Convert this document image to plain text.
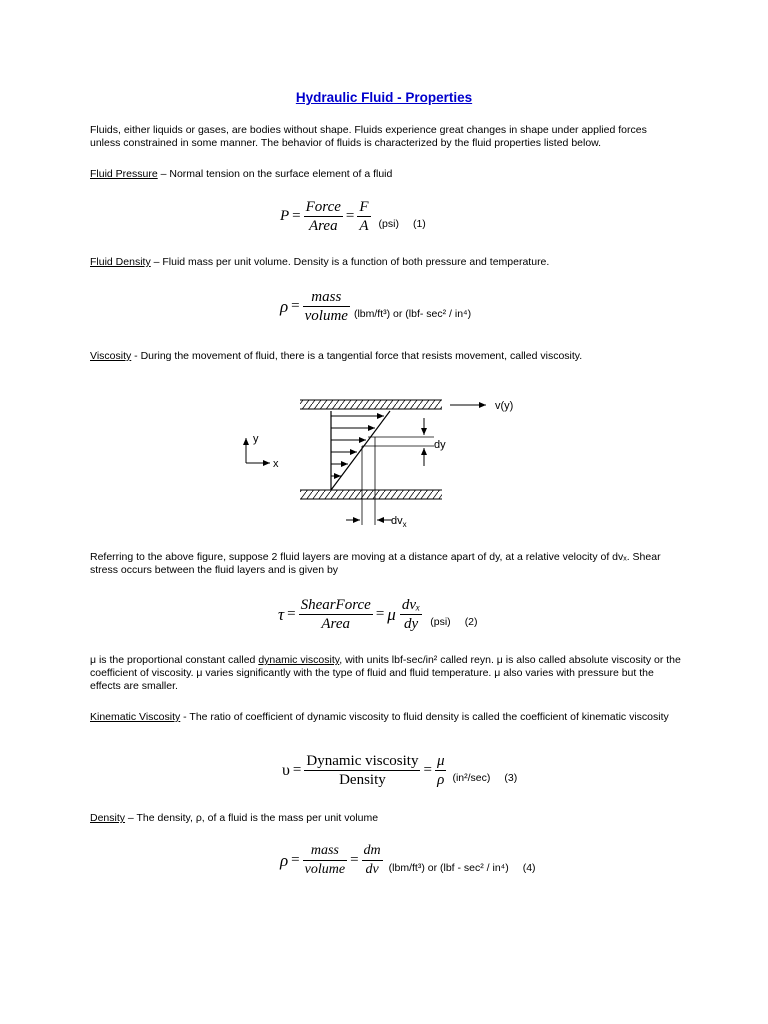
Hydraulic Fluid - Properties
Fluids, either liquids or gases, are bodies without shape. Fluids experience great changes in shape under applied forces unless constrained in some manner. The behavior of fluids is characterized by the fluid properties listed below.
Fluid Pressure – Normal tension on the surface element of a fluid
$P = \frac{\text{Force}}{\text{Area}} = \frac{F}{A} (psi)$ (1)
Fluid Density – Fluid mass per unit volume. Density is a function of both pressure and temperature.
$\rho = \frac{\text{mass}}{\text{volume}} (lbm/ft^3)$ or (lbf- sec² / in⁴)
Viscosity - During the movement of fluid, there is a tangential force that resists movement, called viscosity.
v(y)
dy
$dv_x$
y
x
Referring to the above figure, suppose 2 fluid layers are moving at a distance apart of dy, at a relative velocity of dvₓ. Shear stress occurs between the fluid layers and is given by
$\tau = \frac{\text{ShearForce}}{\text{Area}} = \mu \frac{\text{dvₓ}}{dy} (psi)$ (2)
μ is the proportional constant called dynamic viscosity, with units lbf-sec/in² called reyn. μ is also called absolute viscosity or the coefficient of viscosity. μ varies significantly with the type of fluid and fluid temperature. μ also varies with pressure but the effects are smaller.
Kinematic Viscosity - The ratio of coefficient of dynamic viscosity to fluid density is called the coefficient of kinematic viscosity
$\upsilon = \frac{\text{Dynamic viscosity}}{\text{Density}} = \frac{\mu}{\rho} (in^2/\sec)$ (3)
Density – The density, ρ, of a fluid is the mass per unit volume
$\rho = \frac{\text{mass}}{\text{volume}} = \frac{dm}{dv} (lbm/ft^3)$ or (lbf - sec² / in⁴) (4)
